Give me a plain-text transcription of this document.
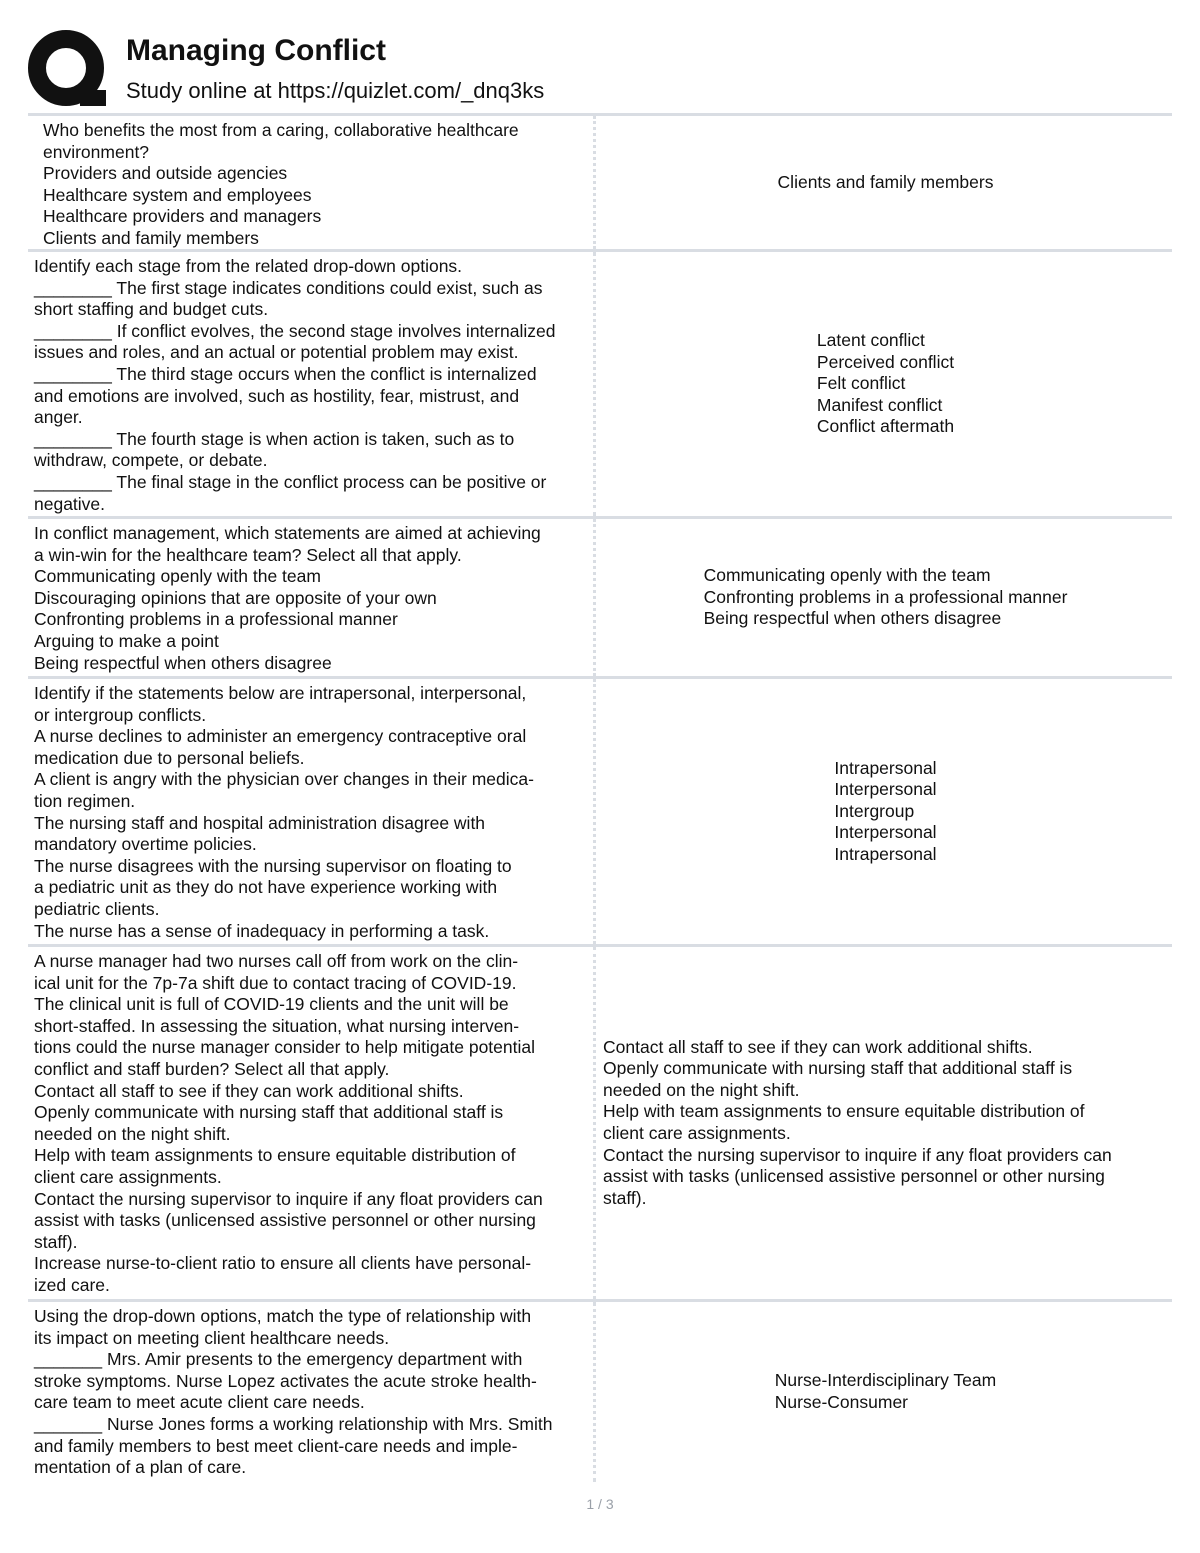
Managing Conflict
Study online at https://quizlet.com/_dnq3ks
Who benefits the most from a caring, collaborative healthcare
environment?
Providers and outside agencies
Healthcare system and employees
Healthcare providers and managers
Clients and family members
Clients and family members
Identify each stage from the related drop-down options.
________ The first stage indicates conditions could exist, such as
short staffing and budget cuts.
________ If conflict evolves, the second stage involves internalized
issues and roles, and an actual or potential problem may exist.
________ The third stage occurs when the conflict is internalized
and emotions are involved, such as hostility, fear, mistrust, and
anger.
________ The fourth stage is when action is taken, such as to
withdraw, compete, or debate.
________ The final stage in the conflict process can be positive or
negative.
Latent conflict
Perceived conflict
Felt conflict
Manifest conflict
Conflict aftermath
In conflict management, which statements are aimed at achieving
a win-win for the healthcare team? Select all that apply.
Communicating openly with the team
Discouraging opinions that are opposite of your own
Confronting problems in a professional manner
Arguing to make a point
Being respectful when others disagree
Communicating openly with the team
Confronting problems in a professional manner
Being respectful when others disagree
Identify if the statements below are intrapersonal, interpersonal,
or intergroup conflicts.
A nurse declines to administer an emergency contraceptive oral
medication due to personal beliefs.
A client is angry with the physician over changes in their medica-
tion regimen.
The nursing staff and hospital administration disagree with
mandatory overtime policies.
The nurse disagrees with the nursing supervisor on floating to
a pediatric unit as they do not have experience working with
pediatric clients.
The nurse has a sense of inadequacy in performing a task.
Intrapersonal
Interpersonal
Intergroup
Interpersonal
Intrapersonal
A nurse manager had two nurses call off from work on the clin-
ical unit for the 7p-7a shift due to contact tracing of COVID-19.
The clinical unit is full of COVID-19 clients and the unit will be
short-staffed. In assessing the situation, what nursing interven-
tions could the nurse manager consider to help mitigate potential
conflict and staff burden? Select all that apply.
Contact all staff to see if they can work additional shifts.
Openly communicate with nursing staff that additional staff is
needed on the night shift.
Help with team assignments to ensure equitable distribution of
client care assignments.
Contact the nursing supervisor to inquire if any float providers can
assist with tasks (unlicensed assistive personnel or other nursing
staff).
Increase nurse-to-client ratio to ensure all clients have personal-
ized care.
Contact all staff to see if they can work additional shifts.
Openly communicate with nursing staff that additional staff is
needed on the night shift.
Help with team assignments to ensure equitable distribution of
client care assignments.
Contact the nursing supervisor to inquire if any float providers can
assist with tasks (unlicensed assistive personnel or other nursing
staff).
Using the drop-down options, match the type of relationship with
its impact on meeting client healthcare needs.
_______ Mrs. Amir presents to the emergency department with
stroke symptoms. Nurse Lopez activates the acute stroke health-
care team to meet acute client care needs.
_______ Nurse Jones forms a working relationship with Mrs. Smith
and family members to best meet client-care needs and imple-
mentation of a plan of care.
Nurse-Interdisciplinary Team
Nurse-Consumer
1 / 3
